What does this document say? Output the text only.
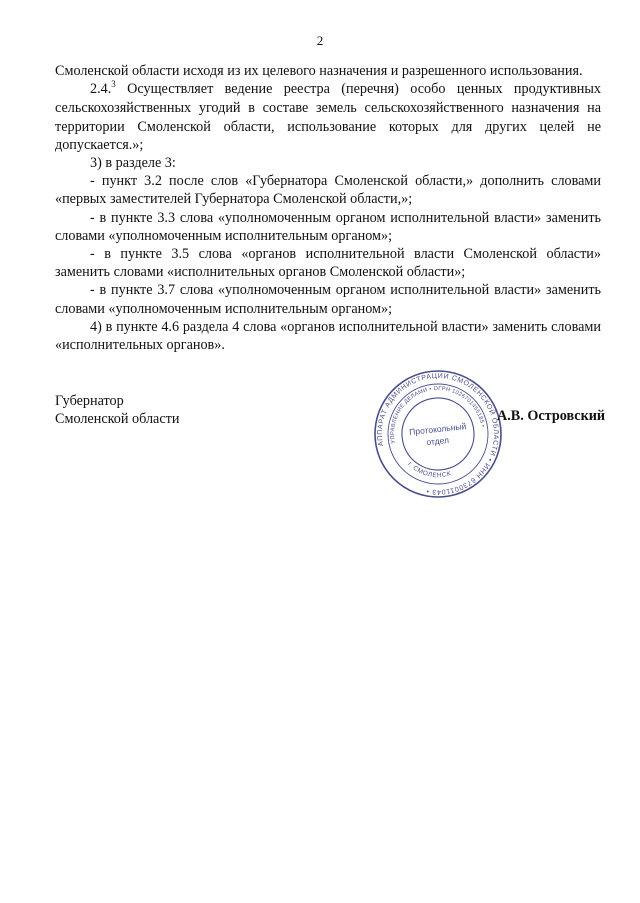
2

Смоленской области исходя из их целевого назначения и разрешенного использования.

2.4.$^3$ Осуществляет ведение реестра (перечня) особо ценных продуктивных сельскохозяйственных угодий в составе земель сельскохозяйственного назначения на территории Смоленской области, использование которых для других целей не допускается.»;

3) в разделе 3:

- пункт 3.2 после слов «Губернатора Смоленской области,» дополнить словами «первых заместителей Губернатора Смоленской области,»;

- в пункте 3.3 слова «уполномоченным органом исполнительной власти» заменить словами «уполномоченным исполнительным органом»;

- в пункте 3.5 слова «органов исполнительной власти Смоленской области» заменить словами «исполнительных органов Смоленской области»;

- в пункте 3.7 слова «уполномоченным органом исполнительной власти» заменить словами «уполномоченным исполнительным органом»;

4) в пункте 4.6 раздела 4 слова «органов исполнительной власти» заменить словами «исполнительных органов».

Губернатор
Смоленской области
АППАРАТ АДМИНИСТРАЦИИ СМОЛЕНСКОЙ ОБЛАСТИ • ИНН 6730011043 •
УПРАВЛЕНИЕ ДЕЛАМИ • ОГРН 1026701455185 •
г. СМОЛЕНСК
Протокольный
отдел
А.В. Островский
